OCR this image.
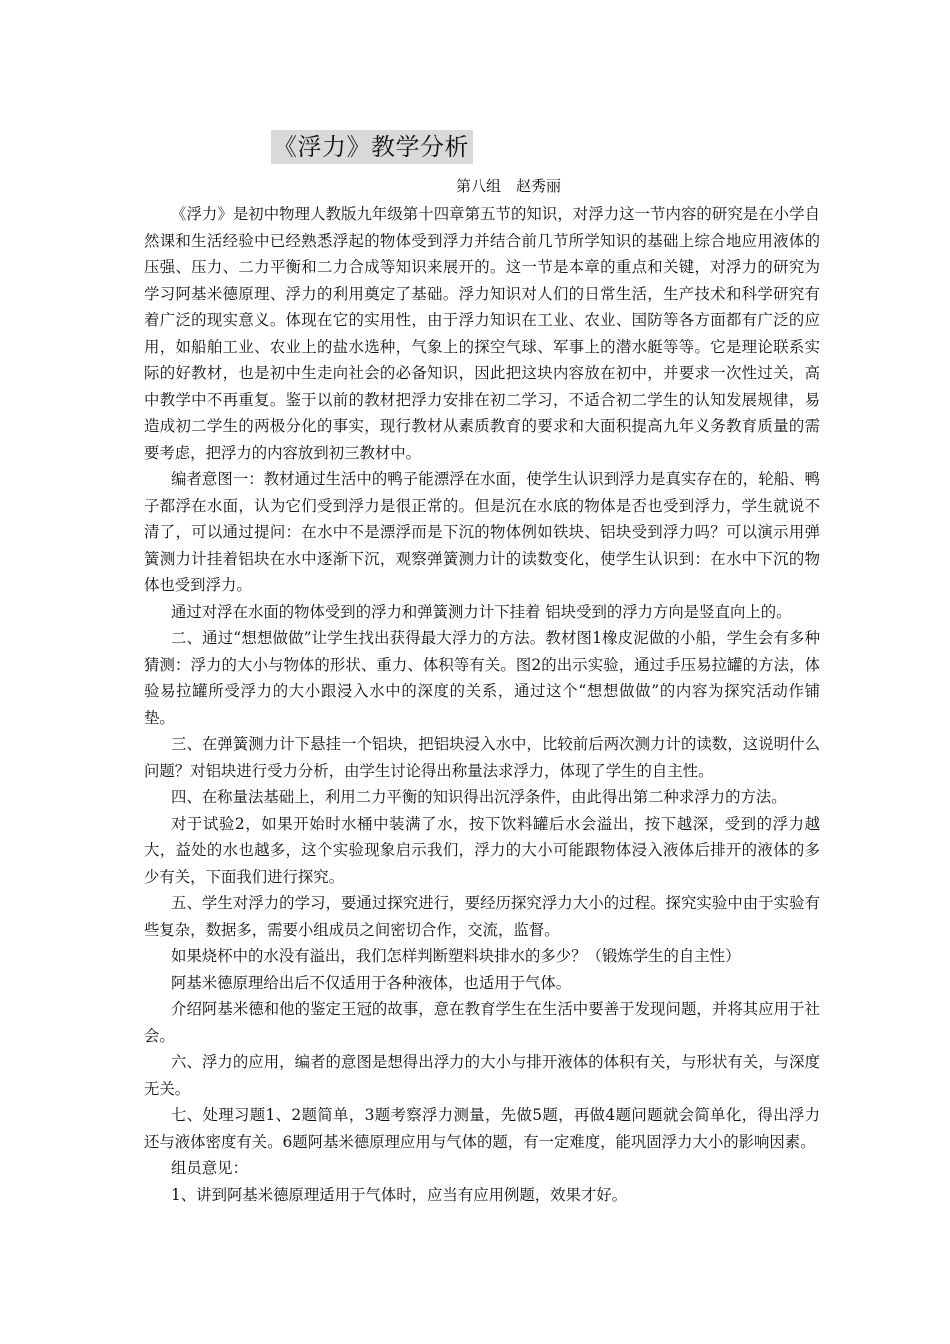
《浮力》教学分析
第八组　赵秀丽

《浮力》是初中物理人教版九年级第十四章第五节的知识，对浮力这一节内容的研究是在小学自然课和生活经验中已经熟悉浮起的物体受到浮力并结合前几节所学知识的基础上综合地应用液体的压强、压力、二力平衡和二力合成等知识来展开的。这一节是本章的重点和关键，对浮力的研究为学习阿基米德原理、浮力的利用奠定了基础。浮力知识对人们的日常生活，生产技术和科学研究有着广泛的现实意义。体现在它的实用性，由于浮力知识在工业、农业、国防等各方面都有广泛的应用，如船舶工业、农业上的盐水选种，气象上的探空气球、军事上的潜水艇等等。它是理论联系实际的好教材，也是初中生走向社会的必备知识，因此把这块内容放在初中，并要求一次性过关，高中教学中不再重复。鉴于以前的教材把浮力安排在初二学习，不适合初二学生的认知发展规律，易造成初二学生的两极分化的事实，现行教材从素质教育的要求和大面积提高九年义务教育质量的需要考虑，把浮力的内容放到初三教材中。

编者意图一：教材通过生活中的鸭子能漂浮在水面，使学生认识到浮力是真实存在的，轮船、鸭子都浮在水面，认为它们受到浮力是很正常的。但是沉在水底的物体是否也受到浮力，学生就说不清了，可以通过提问：在水中不是漂浮而是下沉的物体例如铁块、铝块受到浮力吗？可以演示用弹簧测力计挂着铝块在水中逐渐下沉，观察弹簧测力计的读数变化，使学生认识到：在水中下沉的物体也受到浮力。

通过对浮在水面的物体受到的浮力和弹簧测力计下挂着 铝块受到的浮力方向是竖直向上的。

二、通过“想想做做”让学生找出获得最大浮力的方法。教材图1橡皮泥做的小船，学生会有多种猜测：浮力的大小与物体的形状、重力、体积等有关。图2的出示实验，通过手压易拉罐的方法，体验易拉罐所受浮力的大小跟浸入水中的深度的关系，通过这个“想想做做”的内容为探究活动作铺垫。

三、在弹簧测力计下悬挂一个铝块，把铝块浸入水中，比较前后两次测力计的读数，这说明什么问题？对铝块进行受力分析，由学生讨论得出称量法求浮力，体现了学生的自主性。

四、在称量法基础上，利用二力平衡的知识得出沉浮条件，由此得出第二种求浮力的方法。

对于试验2，如果开始时水桶中装满了水，按下饮料罐后水会溢出，按下越深，受到的浮力越大，益处的水也越多，这个实验现象启示我们，浮力的大小可能跟物体浸入液体后排开的液体的多少有关，下面我们进行探究。

五、学生对浮力的学习，要通过探究进行，要经历探究浮力大小的过程。探究实验中由于实验有些复杂，数据多，需要小组成员之间密切合作，交流，监督。

如果烧杯中的水没有溢出，我们怎样判断塑料块排水的多少？（锻炼学生的自主性）

阿基米德原理给出后不仅适用于各种液体，也适用于气体。

介绍阿基米德和他的鉴定王冠的故事，意在教育学生在生活中要善于发现问题，并将其应用于社会。

六、浮力的应用，编者的意图是想得出浮力的大小与排开液体的体积有关，与形状有关，与深度无关。

七、处理习题1、2题简单，3题考察浮力测量，先做5题，再做4题问题就会简单化，得出浮力还与液体密度有关。6题阿基米德原理应用与气体的题，有一定难度，能巩固浮力大小的影响因素。

组员意见：

1、讲到阿基米德原理适用于气体时，应当有应用例题，效果才好。
